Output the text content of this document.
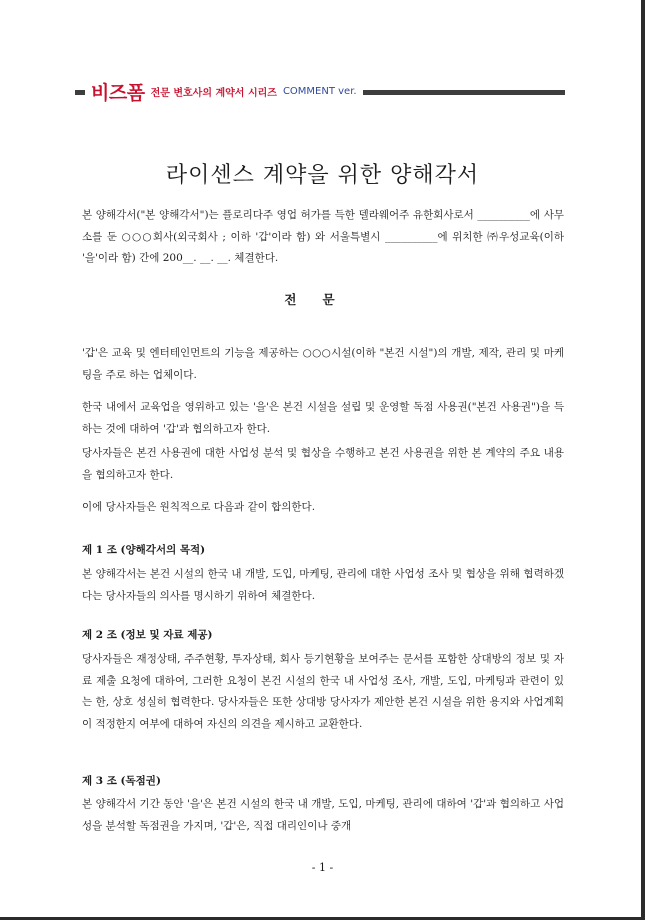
비즈폼 전문 변호사의 계약서 시리즈 COMMENT ver.
라이센스 계약을 위한 양해각서

본 양해각서("본 양해각서")는 플로리다주 영업 허가를 득한 델라웨어주 유한회사로서 __________에 사무소를 둔 ○○○회사(외국회사 ; 이하 '갑'이라 함) 와 서울특별시 __________에 위치한 ㈜우성교육(이하 '을'이라 함) 간에 200__. __. __. 체결한다.

전문

'갑'은 교육 및 엔터테인먼트의 기능을 제공하는 ○○○시설(이하 "본건 시설")의 개발, 제작, 관리 및 마케팅을 주로 하는 업체이다.

한국 내에서 교육업을 영위하고 있는 '을'은 본건 시설을 설립 및 운영할 독점 사용권("본건 사용권")을 득하는 것에 대하여 '갑'과 협의하고자 한다.

당사자들은 본건 사용권에 대한 사업성 분석 및 협상을 수행하고 본건 사용권을 위한 본 계약의 주요 내용을 협의하고자 한다.

이에 당사자들은 원칙적으로 다음과 같이 합의한다.

제 1 조 (양해각서의 목적)

본 양해각서는 본건 시설의 한국 내 개발, 도입, 마케팅, 관리에 대한 사업성 조사 및 협상을 위해 협력하겠다는 당사자들의 의사를 명시하기 위하여 체결한다.

제 2 조 (정보 및 자료 제공)

당사자들은 재정상태, 주주현황, 투자상태, 회사 등기현황을 보여주는 문서를 포함한 상대방의 정보 및 자료 제출 요청에 대하여, 그러한 요청이 본건 시설의 한국 내 사업성 조사, 개발, 도입, 마케팅과 관련이 있는 한, 상호 성실히 협력한다. 당사자들은 또한 상대방 당사자가 제안한 본건 시설을 위한 용지와 사업계획이 적정한지 여부에 대하여 자신의 의견을 제시하고 교환한다.

제 3 조 (독점권)

본 양해각서 기간 동안 '을'은 본건 시설의 한국 내 개발, 도입, 마케팅, 관리에 대하여 '갑'과 협의하고 사업성을 분석할 독점권을 가지며, '갑'은, 직접 대리인이나 중개

- 1 -
